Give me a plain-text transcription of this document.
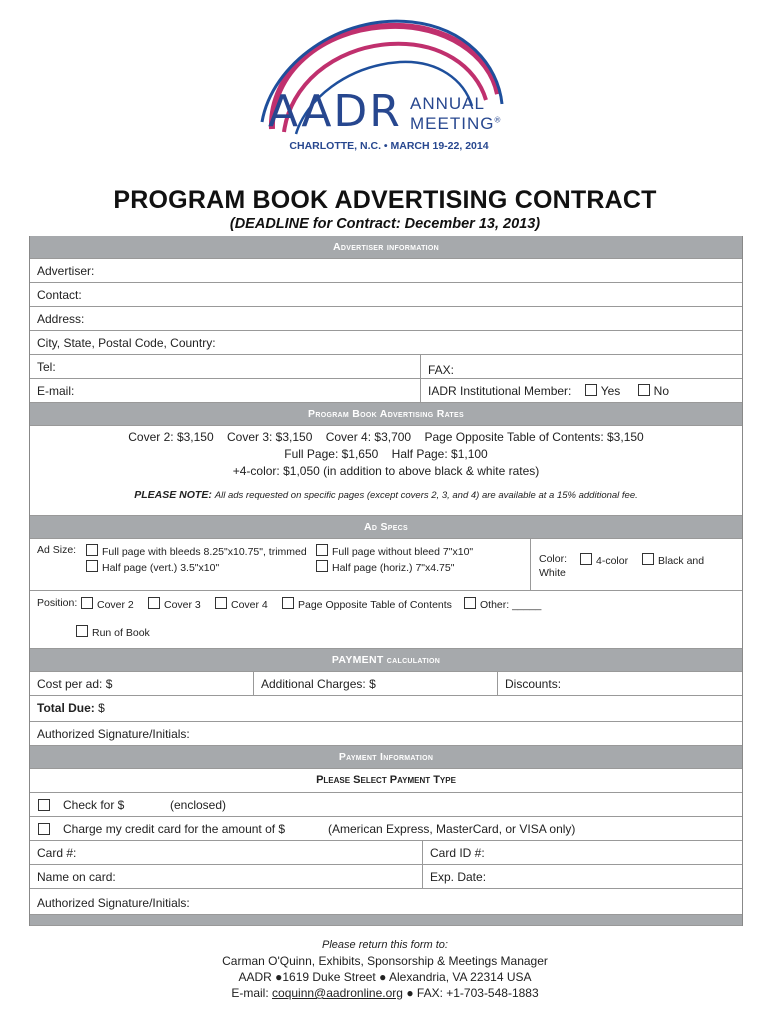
AADR ANNUAL
MEETING®
CHARLOTTE, N.C. • MARCH 19-22, 2014
PROGRAM BOOK ADVERTISING CONTRACT
(DEADLINE for Contract: December 13, 2013)
Advertiser information
Advertiser:
Contact:
Address:
City, State, Postal Code, Country:
Tel:	FAX:
E-mail:	IADR Institutional Member: Yes	No
Program Book Advertising Rates
Cover 2: $3,150    Cover 3: $3,150    Cover 4: $3,700    Page Opposite Table of Contents: $3,150
Full Page: $1,650    Half Page: $1,100
+4-color: $1,050 (in addition to above black & white rates)
PLEASE NOTE: All ads requested on specific pages (except covers 2, 3, and 4) are available at a 15% additional fee.
Ad Specs
Ad Size:	Full page with bleeds 8.25"x10.75", trimmed	Full page without bleed 7"x10"
Half page (vert.) 3.5"x10"	Half page (horiz.) 7"x4.75"
Color:	4-color	Black and
White
Position:	Cover 2	Cover 3	Cover 4	Page Opposite Table of Contents	Other: _____
Run of Book
PAYMENT calculation
Cost per ad: $	Additional Charges: $	Discounts:
Total Due: $
Authorized Signature/Initials:
Payment Information
Please Select Payment Type
Check for $	(enclosed)
Charge my credit card for the amount of $	(American Express, MasterCard, or VISA only)
Card #:	Card ID #:
Name on card:	Exp. Date:
Authorized Signature/Initials:
Please return this form to:
Carman O'Quinn, Exhibits, Sponsorship & Meetings Manager
AADR ●1619 Duke Street ● Alexandria, VA 22314 USA
E-mail: coquinn@aadronline.org ● FAX: +1-703-548-1883
